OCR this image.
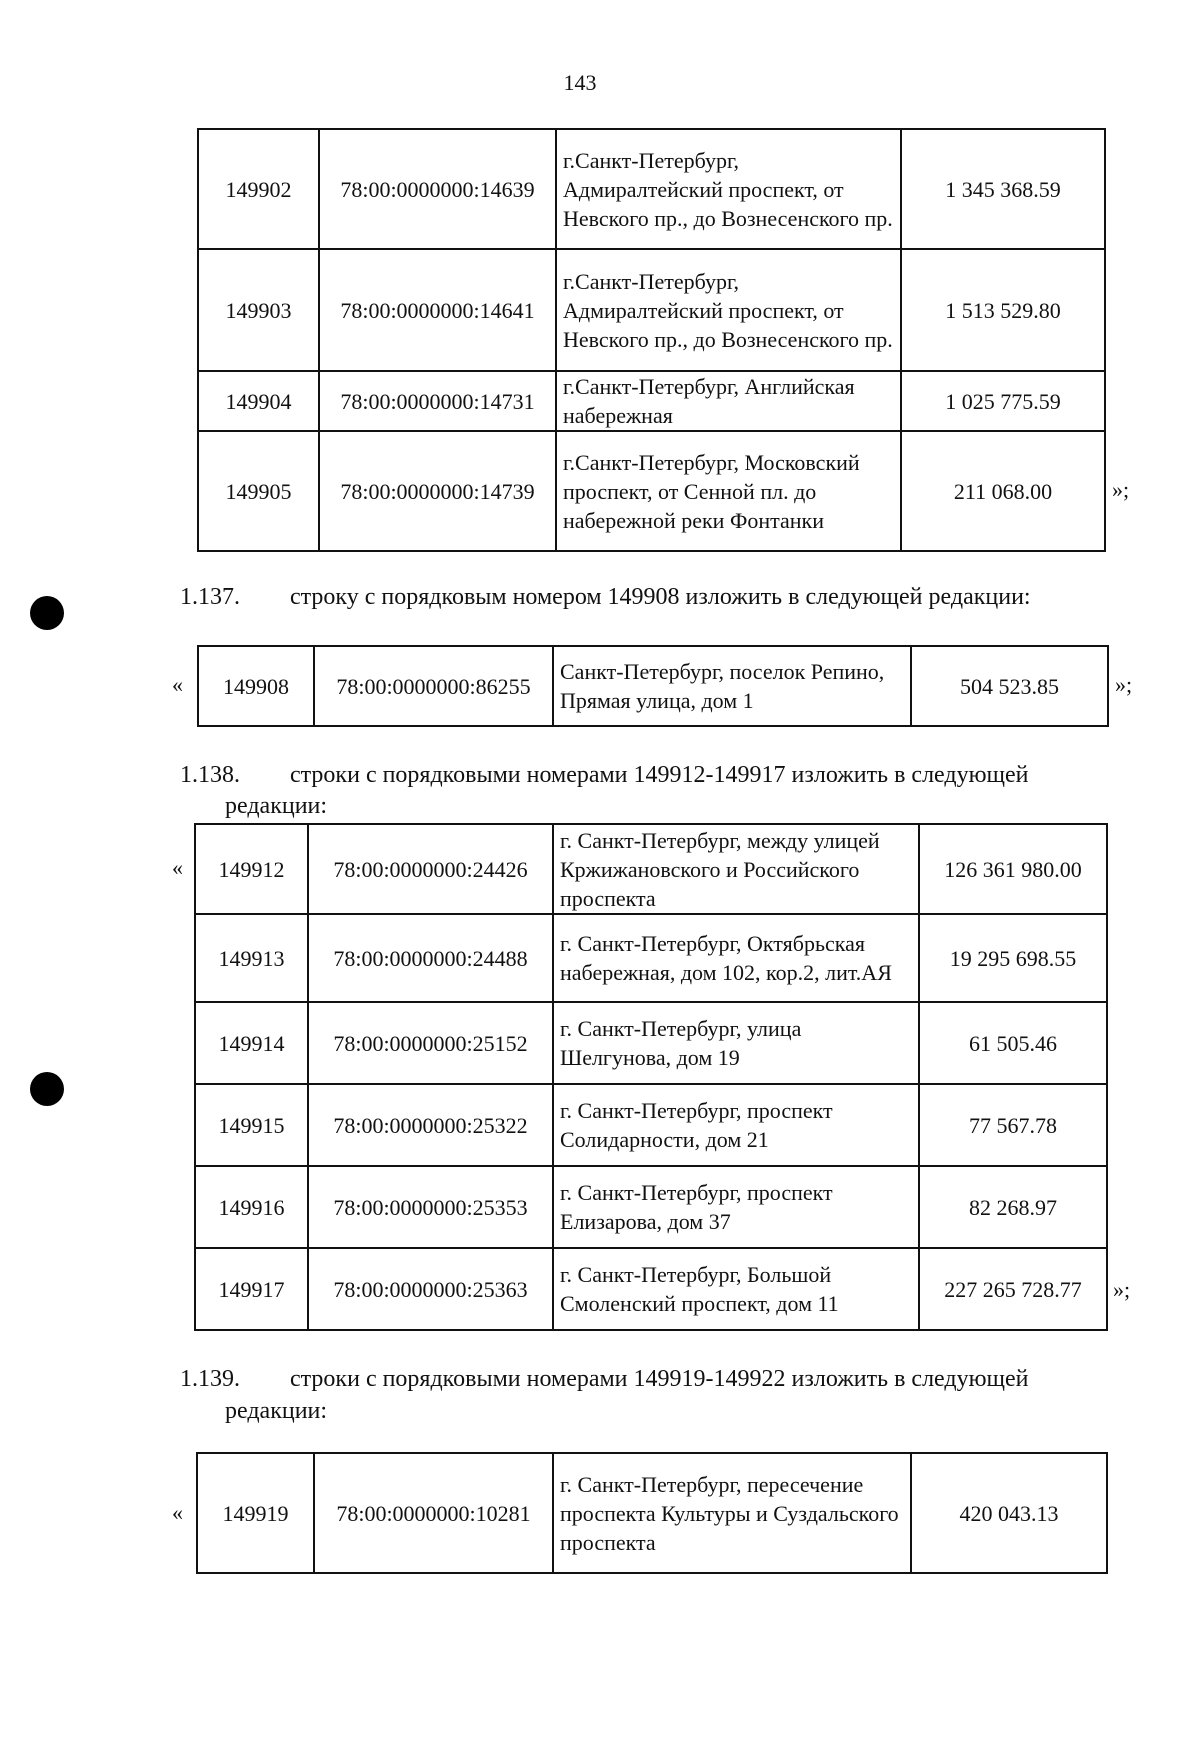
143
149902	78:00:0000000:14639	г.Санкт-Петербург, Адмиралтейский проспект, от Невского пр., до Вознесенского пр.	1 345 368.59
149903	78:00:0000000:14641	г.Санкт-Петербург, Адмиралтейский проспект, от Невского пр., до Вознесенского пр.	1 513 529.80
149904	78:00:0000000:14731	г.Санкт-Петербург, Английская набережная	1 025 775.59
149905	78:00:0000000:14739	г.Санкт-Петербург, Московский проспект, от Сенной пл. до набережной реки Фонтанки	211 068.00	»;
1.137. строку с порядковым номером 149908 изложить в следующей редакции:
« 149908	78:00:0000000:86255	Санкт-Петербург, поселок Репино, Прямая улица, дом 1	504 523.85	»;
1.138. строки с порядковыми номерами 149912-149917 изложить в следующей
редакции:
« 149912	78:00:0000000:24426	г. Санкт-Петербург, между улицей Кржижановского и Российского проспекта	126 361 980.00
149913	78:00:0000000:24488	г. Санкт-Петербург, Октябрьская набережная, дом 102, кор.2, лит.АЯ	19 295 698.55
149914	78:00:0000000:25152	г. Санкт-Петербург, улица Шелгунова, дом 19	61 505.46
149915	78:00:0000000:25322	г. Санкт-Петербург, проспект Солидарности, дом 21	77 567.78
149916	78:00:0000000:25353	г. Санкт-Петербург, проспект Елизарова, дом 37	82 268.97
149917	78:00:0000000:25363	г. Санкт-Петербург, Большой Смоленский проспект, дом 11	227 265 728.77 »;
1.139. строки с порядковыми номерами 149919-149922 изложить в следующей
редакции:
« 149919	78:00:0000000:10281	г. Санкт-Петербург, пересечение проспекта Культуры и Суздальского проспекта	420 043.13
